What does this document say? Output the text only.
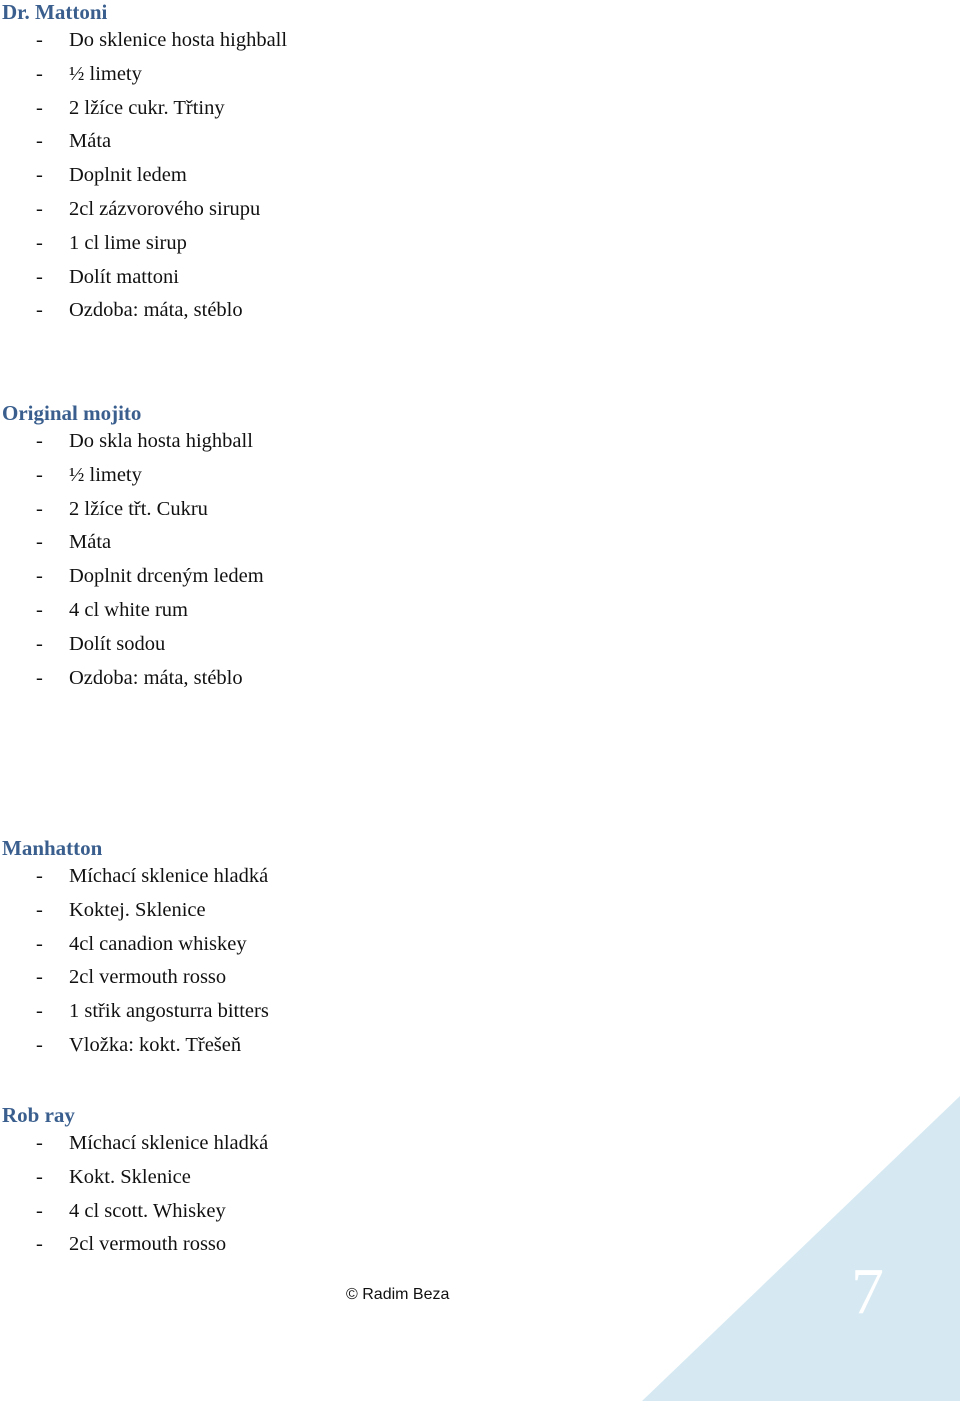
Dr. Mattoni
- Do sklenice hosta highball
- ½ limety
- 2 lžíce cukr. Třtiny
- Máta
- Doplnit ledem
- 2cl zázvorového sirupu
- 1 cl lime sirup
- Dolít mattoni
- Ozdoba: máta, stéblo
Original mojito
- Do skla hosta highball
- ½ limety
- 2 lžíce třt. Cukru
- Máta
- Doplnit drceným ledem
- 4 cl white rum
- Dolít sodou
- Ozdoba: máta, stéblo
Manhatton
- Míchací sklenice hladká
- Koktej. Sklenice
- 4cl canadion whiskey
- 2cl vermouth rosso
- 1 střik angosturra bitters
- Vložka: kokt. Třešeň
Rob ray
- Míchací sklenice hladká
- Kokt. Sklenice
- 4 cl scott. Whiskey
- 2cl vermouth rosso
7
© Radim Beza
